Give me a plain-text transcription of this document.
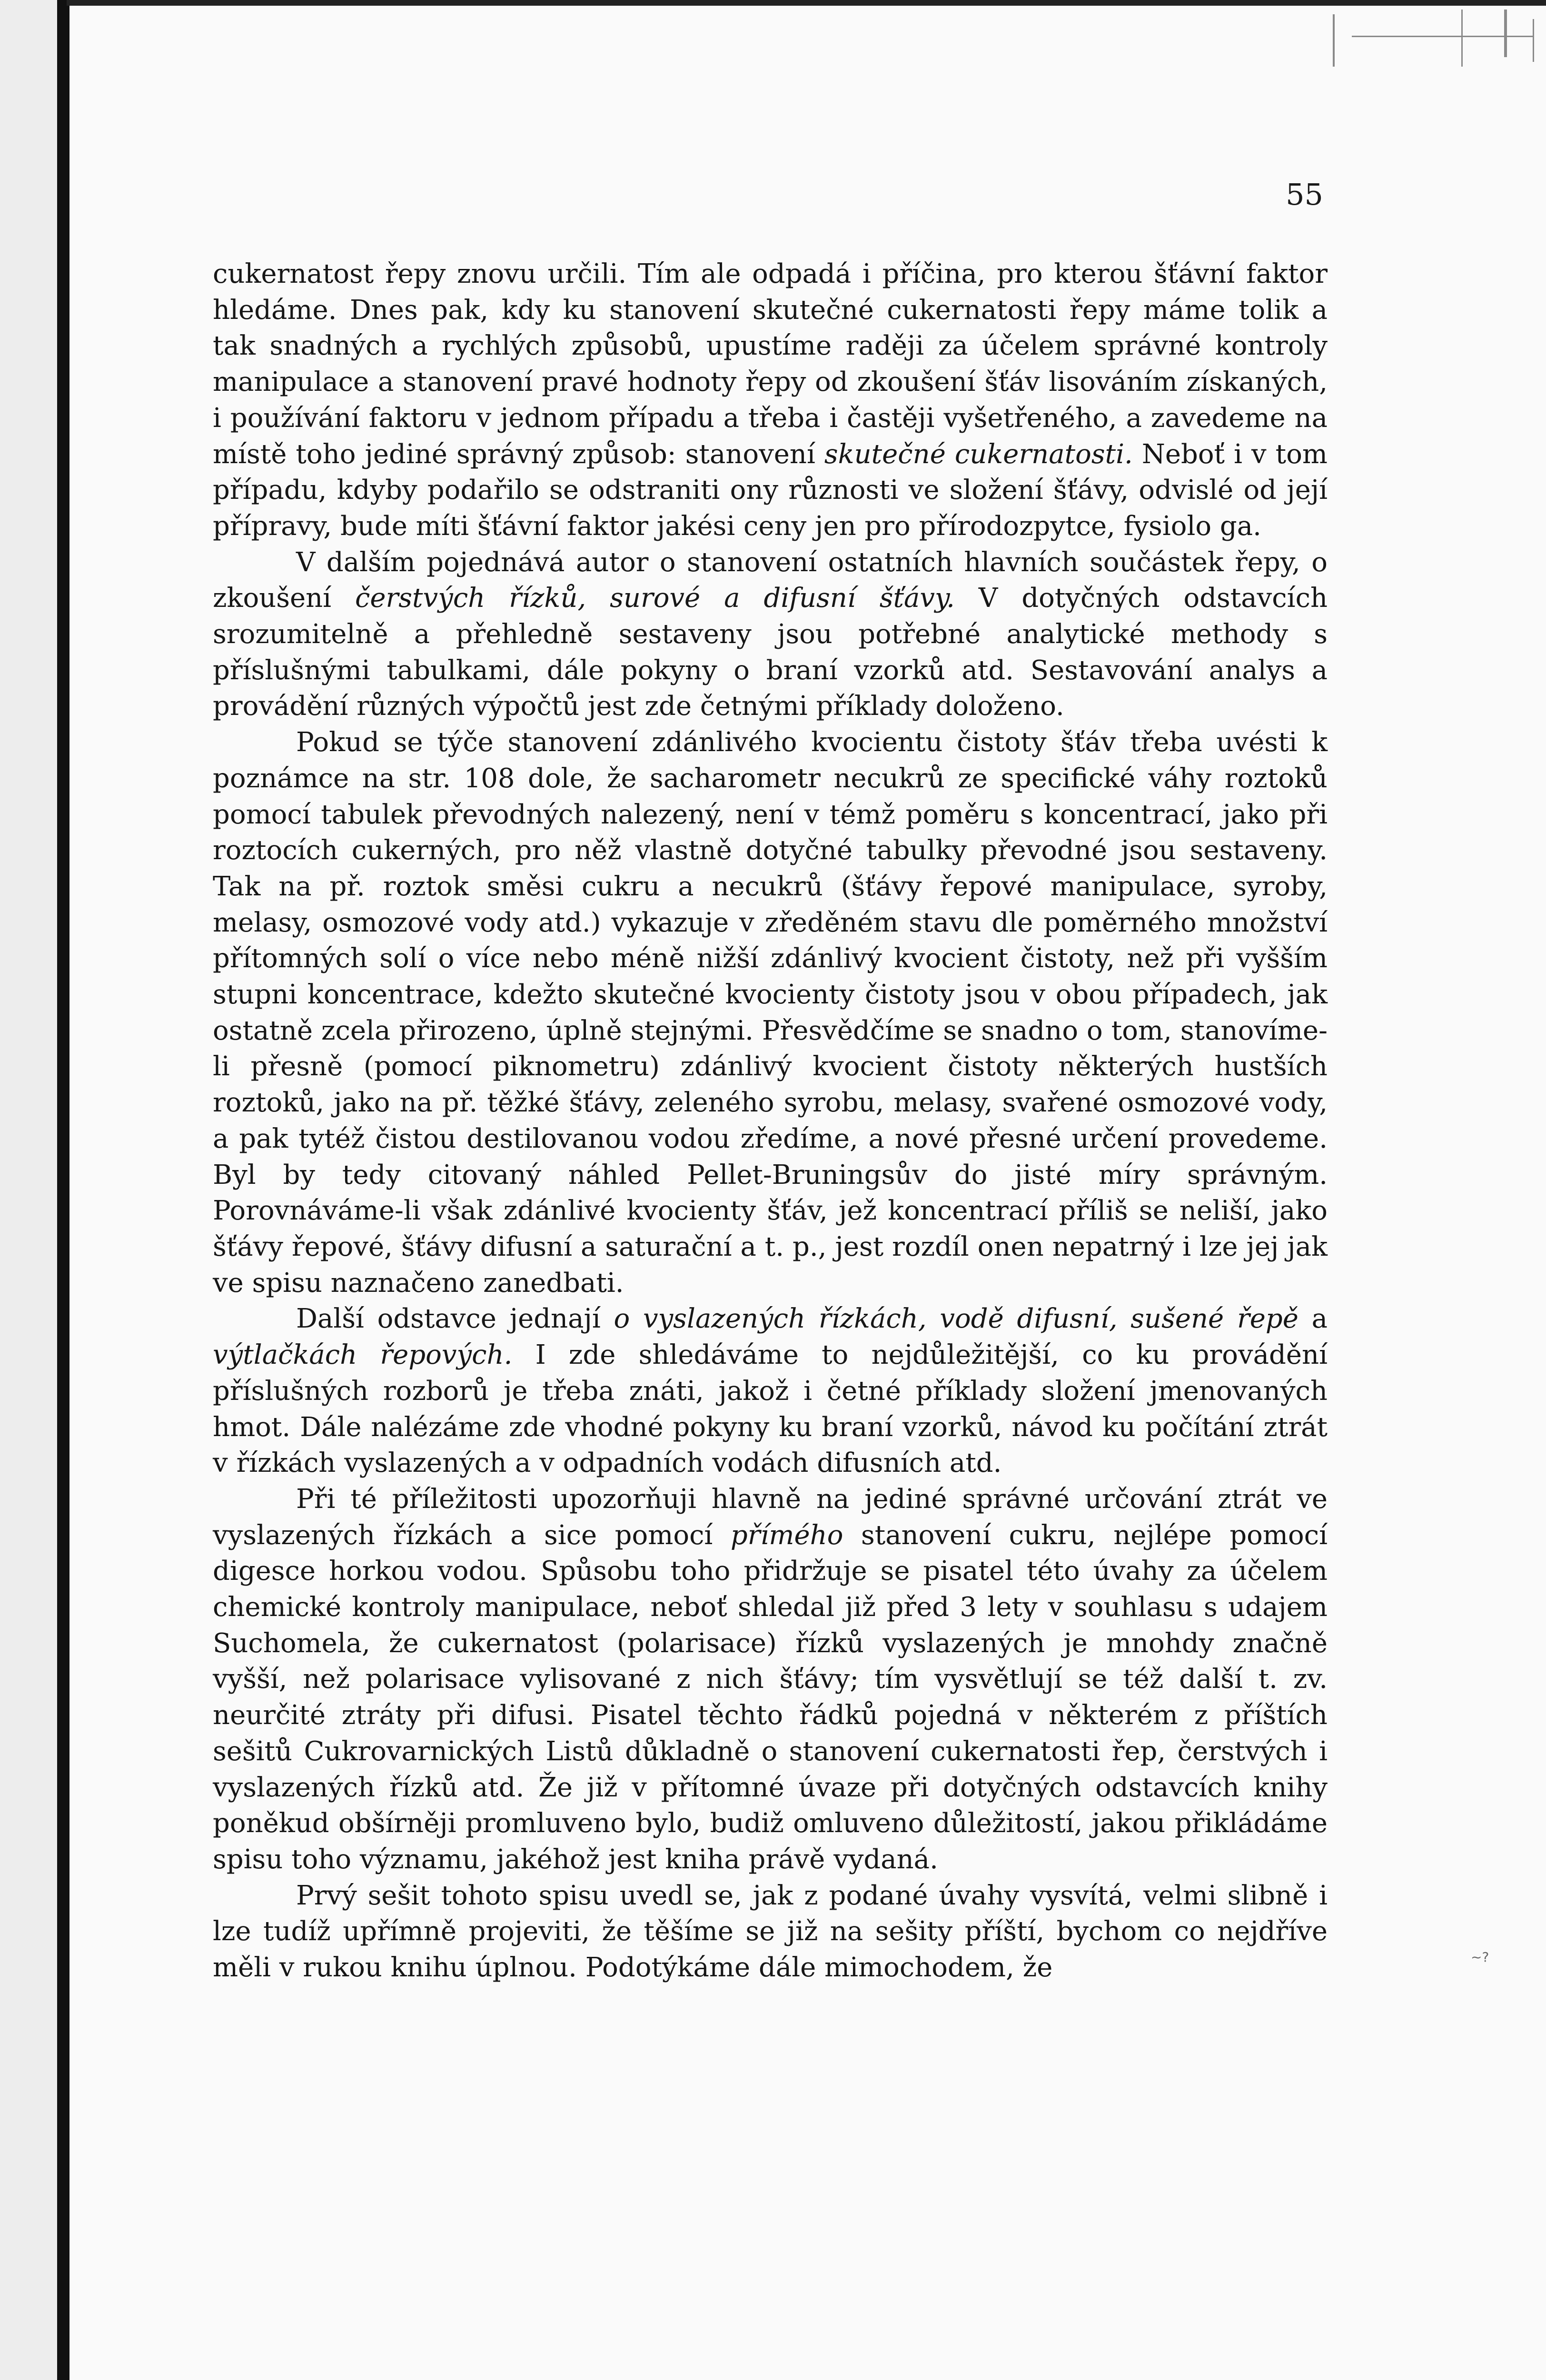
55

cukernatost řepy znovu určili. Tím ale odpadá i příčina, pro kterou šťávní faktor hledáme. Dnes pak, kdy ku stanovení skutečné cukernatosti řepy máme tolik a tak snadných a rychlých způsobů, upustíme raději za účelem správné kontroly manipulace a stanovení pravé hodnoty řepy od zkoušení šťáv lisováním získaných, i používání faktoru v jednom případu a třeba i častěji vyšetřeného, a zavedeme na místě toho jediné správný způsob: stanovení skutečné cukernatosti. Neboť i v tom případu, kdyby podařilo se odstraniti ony různosti ve složení šťávy, odvislé od její přípravy, bude míti šťávní faktor jakési ceny jen pro přírodozpytce, fysiolo ga.

V dalším pojednává autor o stanovení ostatních hlavních součástek řepy, o zkoušení čerstvých řízků, surové a difusní šťávy. V dotyčných odstavcích srozumitelně a přehledně sestaveny jsou potřebné analytické methody s příslušnými tabulkami, dále pokyny o braní vzorků atd. Sestavování analys a provádění různých výpočtů jest zde četnými příklady doloženo.

Pokud se týče stanovení zdánlivého kvocientu čistoty šťáv třeba uvésti k poznámce na str. 108 dole, že sacharometr necukrů ze specifické váhy roztoků pomocí tabulek převodných nalezený, není v témž poměru s koncentrací, jako při roztocích cukerných, pro něž vlastně dotyčné tabulky převodné jsou sestaveny. Tak na př. roztok směsi cukru a necukrů (šťávy řepové manipulace, syroby, melasy, osmozové vody atd.) vykazuje v zředěném stavu dle poměrného množství přítomných solí o více nebo méně nižší zdánlivý kvocient čistoty, než při vyšším stupni koncentrace, kdežto skutečné kvocienty čistoty jsou v obou případech, jak ostatně zcela přirozeno, úplně stejnými. Přesvědčíme se snadno o tom, stanovíme-li přesně (pomocí piknometru) zdánlivý kvocient čistoty některých hustších roztoků, jako na př. těžké šťávy, zeleného syrobu, melasy, svařené osmozové vody, a pak tytéž čistou destilovanou vodou zředíme, a nové přesné určení provedeme. Byl by tedy citovaný náhled Pellet-Bruningsův do jisté míry správným. Porovnáváme-li však zdánlivé kvocienty šťáv, jež koncentrací příliš se neliší, jako šťávy řepové, šťávy difusní a saturační a t. p., jest rozdíl onen nepatrný i lze jej jak ve spisu naznačeno zanedbati.

Další odstavce jednají o vyslazených řízkách, vodě difusní, sušené řepě a výtlačkách řepových. I zde shledáváme to nejdůležitější, co ku provádění příslušných rozborů je třeba znáti, jakož i četné příklady složení jmenovaných hmot. Dále nalézáme zde vhodné pokyny ku braní vzorků, návod ku počítání ztrát v řízkách vyslazených a v odpadních vodách difusních atd.

Při té příležitosti upozorňuji hlavně na jediné správné určování ztrát ve vyslazených řízkách a sice pomocí přímého stanovení cukru, nejlépe pomocí digesce horkou vodou. Spůsobu toho přidržuje se pisatel této úvahy za účelem chemické kontroly manipulace, neboť shledal již před 3 lety v souhlasu s udajem Suchomela, že cukernatost (polarisace) řízků vyslazených je mnohdy značně vyšší, než polarisace vylisované z nich šťávy; tím vysvětlují se též další t. zv. neurčité ztráty při difusi. Pisatel těchto řádků pojedná v některém z příštích sešitů Cukrovarnických Listů důkladně o stanovení cukernatosti řep, čerstvých i vyslazených řízků atd. Že již v přítomné úvaze při dotyčných odstavcích knihy poněkud obšírněji promluveno bylo, budiž omluveno důležitostí, jakou přikládáme spisu toho významu, jakéhož jest kniha právě vydaná.

Prvý sešit tohoto spisu uvedl se, jak z podané úvahy vysvítá, velmi slibně i lze tudíž upřímně projeviti, že těšíme se již na sešity příští, bychom co nejdříve měli v rukou knihu úplnou. Podotýkáme dále mimochodem, že	~?
